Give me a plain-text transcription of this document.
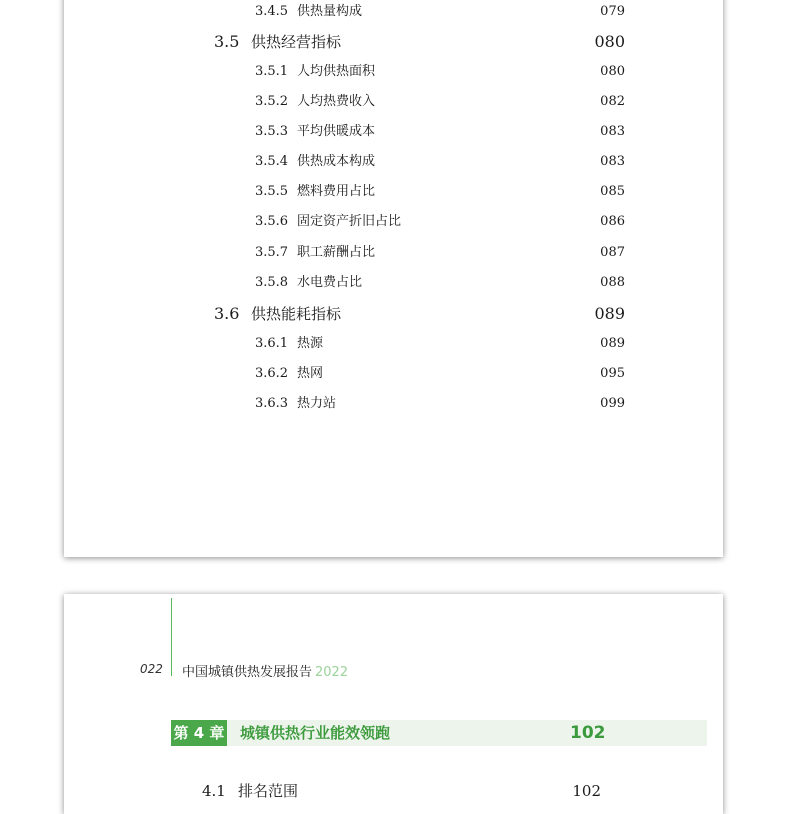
3.4.5 供热量构成	079
3.5 供热经营指标	080
3.5.1 人均供热面积	080
3.5.2 人均热费收入	082
3.5.3 平均供暖成本	083
3.5.4 供热成本构成	083
3.5.5 燃料费用占比	085
3.5.6 固定资产折旧占比	086
3.5.7 职工薪酬占比	087
3.5.8 水电费占比	088
3.6 供热能耗指标	089
3.6.1 热源	089
3.6.2 热网	095
3.6.3 热力站	099
022 中国城镇供热发展报告 2022
第 4 章 城镇供热行业能效领跑	102
4.1 排名范围	102
